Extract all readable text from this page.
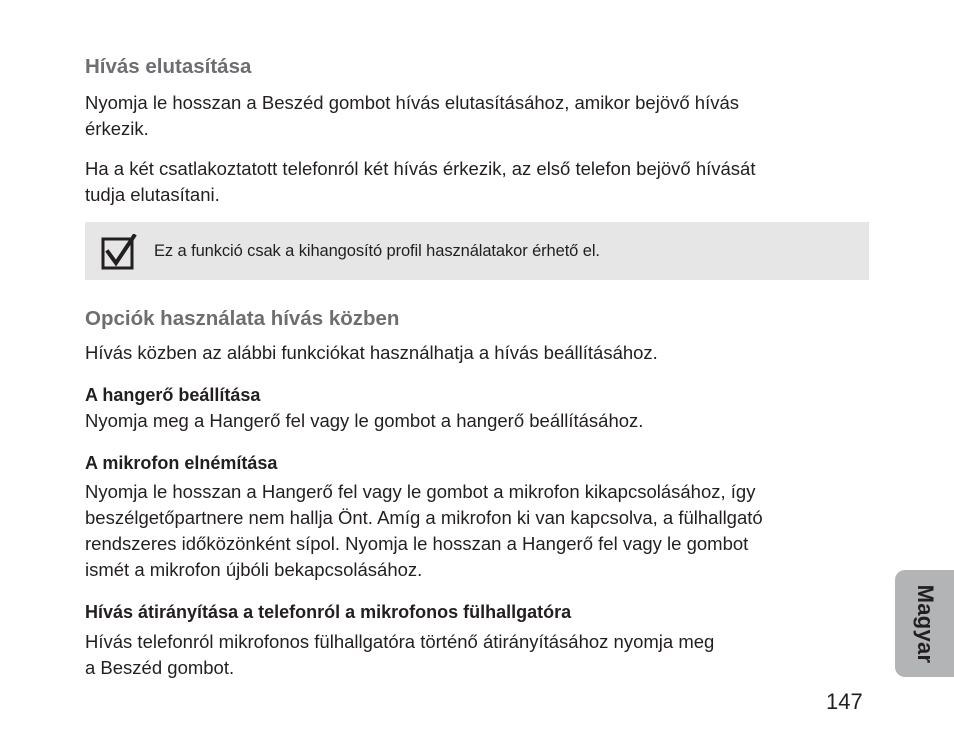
Hívás elutasítása

Nyomja le hosszan a Beszéd gombot hívás elutasításához, amikor bejövő hívás
érkezik.

Ha a két csatlakoztatott telefonról két hívás érkezik, az első telefon bejövő hívását
tudja elutasítani.

Opciók használata hívás közben

Hívás közben az alábbi funkciókat használhatja a hívás beállításához.

A hangerő beállítása

Nyomja meg a Hangerő fel vagy le gombot a hangerő beállításához.

A mikrofon elnémítása

Nyomja le hosszan a Hangerő fel vagy le gombot a mikrofon kikapcsolásához, így
beszélgetőpartnere nem hallja Önt. Amíg a mikrofon ki van kapcsolva, a fülhallgató
rendszeres időközönként sípol. Nyomja le hosszan a Hangerő fel vagy le gombot
ismét a mikrofon újbóli bekapcsolásához.

Hívás átirányítása a telefonról a mikrofonos fülhallgatóra

Hívás telefonról mikrofonos fülhallgatóra történő átirányításához nyomja meg
a Beszéd gombot.

Ez a funkció csak a kihangosító profil használatakor érhető el.
Magyar
147
